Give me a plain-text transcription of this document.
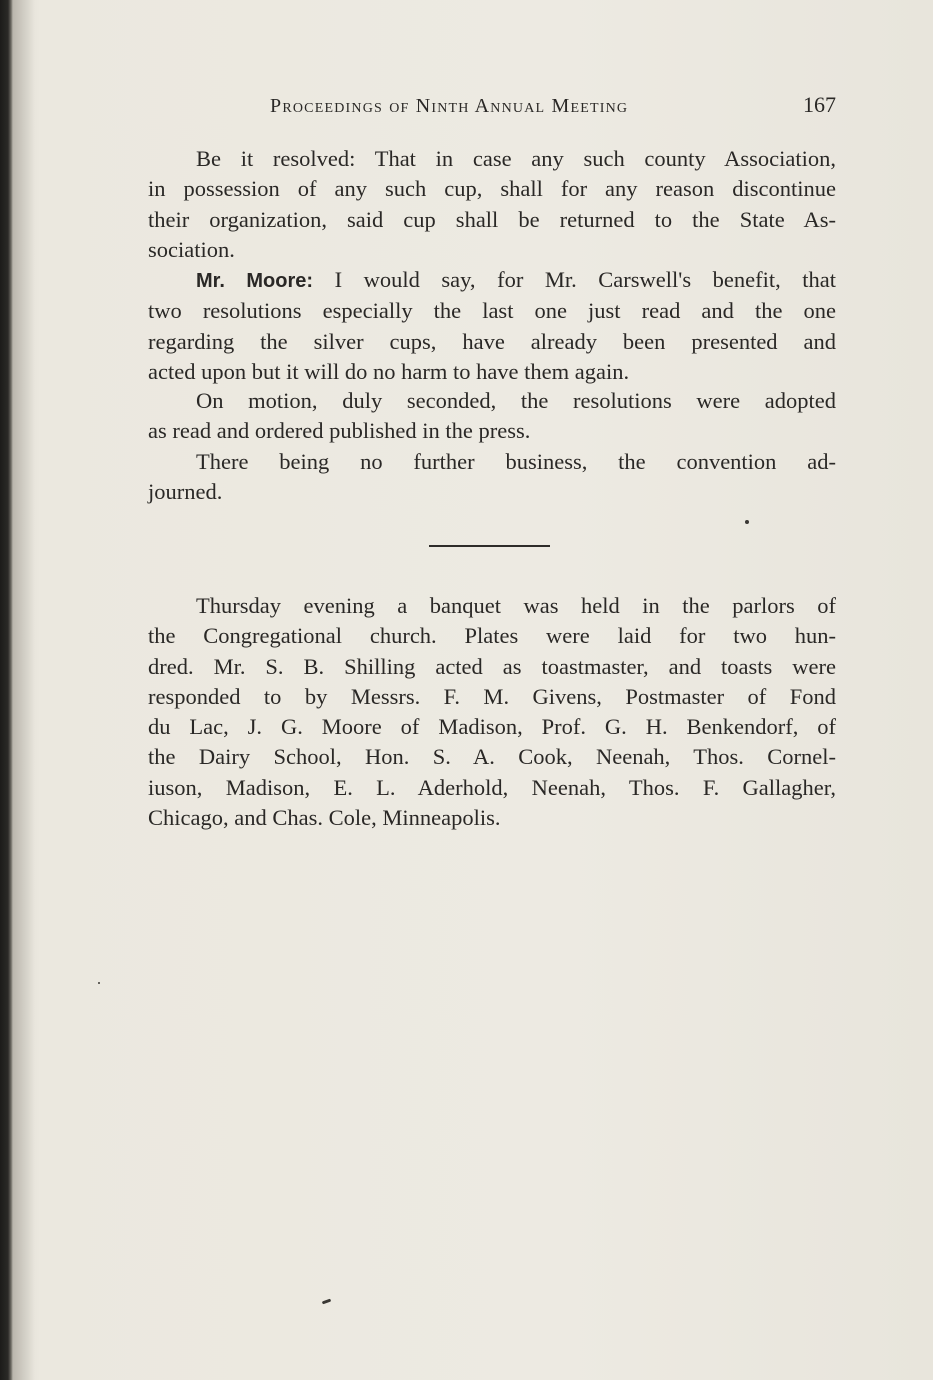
Proceedings of Ninth Annual Meeting	167
Be it resolved: That in case any such county Association,
in possession of any such cup, shall for any reason discontinue
their organization, said cup shall be returned to the State As-
sociation.
Mr. Moore: I would say, for Mr. Carswell's benefit, that
two resolutions especially the last one just read and the one
regarding the silver cups, have already been presented and
acted upon but it will do no harm to have them again.
On motion, duly seconded, the resolutions were adopted
as read and ordered published in the press.
There being no further business, the convention ad-
journed.
Thursday evening a banquet was held in the parlors of
the Congregational church. Plates were laid for two hun-
dred. Mr. S. B. Shilling acted as toastmaster, and toasts were
responded to by Messrs. F. M. Givens, Postmaster of Fond
du Lac, J. G. Moore of Madison, Prof. G. H. Benkendorf, of
the Dairy School, Hon. S. A. Cook, Neenah, Thos. Cornel-
iuson, Madison, E. L. Aderhold, Neenah, Thos. F. Gallagher,
Chicago, and Chas. Cole, Minneapolis.
